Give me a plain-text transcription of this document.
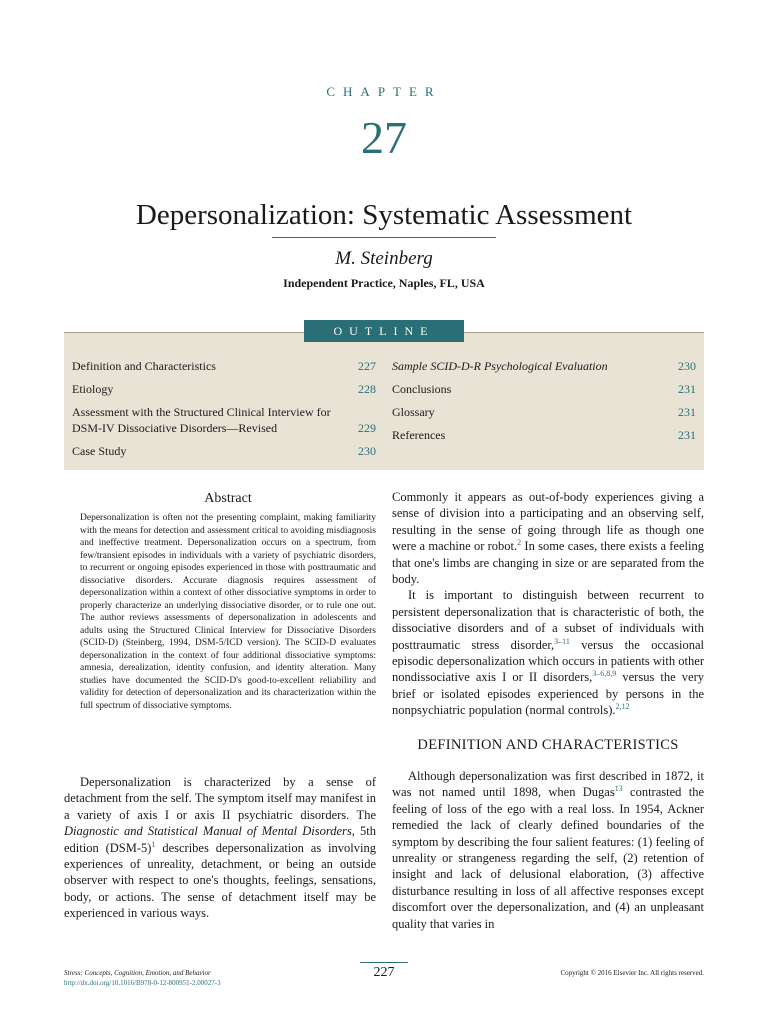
CHAPTER
27
Depersonalization: Systematic Assessment
M. Steinberg
Independent Practice, Naples, FL, USA
OUTLINE
Definition and Characteristics	227
Etiology	228
Assessment with the Structured Clinical Interview for DSM-IV Dissociative Disorders—Revised	229
Case Study	230
Sample SCID-D-R Psychological Evaluation	230
Conclusions	231
Glossary	231
References	231
Abstract
Depersonalization is often not the presenting complaint, making familiarity with the means for detection and assessment critical to avoiding misdiagnosis and ineffective treatment. Depersonalization occurs on a spectrum, from few/transient episodes in individuals with a variety of psychiatric disorders, to recurrent or ongoing episodes experienced in those with posttraumatic and dissociative disorders. Accurate diagnosis requires assessment of depersonalization within a context of other dissociative symptoms in order to properly characterize an underlying dissociative disorder, or to rule one out. The author reviews assessments of depersonalization in adolescents and adults using the Structured Clinical Interview for Dissociative Disorders (SCID-D) (Steinberg, 1994, DSM-5/ICD version). The SCID-D evaluates depersonalization in the context of four additional dissociative symptoms: amnesia, derealization, identity confusion, and identity alteration. Many studies have documented the SCID-D's good-to-excellent reliability and validity for detection of depersonalization and its characterization within the full spectrum of dissociative symptoms.

Depersonalization is characterized by a sense of detachment from the self. The symptom itself may manifest in a variety of axis I or axis II psychiatric disorders. The Diagnostic and Statistical Manual of Mental Disorders, 5th edition $(DSM-5)^1$ describes depersonalization as involving experiences of unreality, detachment, or being an outside observer with respect to one's thoughts, feelings, sensations, body, or actions. The sense of detachment itself may be experienced in various ways.

Commonly it appears as out-of-body experiences giving a sense of division into a participating and an observing self, resulting in the sense of going through life as though one were a machine or robot.$^2$ In some cases, there exists a feeling that one's limbs are changing in size or are separated from the body.

It is important to distinguish between recurrent to persistent depersonalization that is characteristic of both, the dissociative disorders and of a subset of individuals with posttraumatic stress disorder,$^{3-11}$ versus the occasional episodic depersonalization which occurs in patients with other nondissociative axis I or II disorders,$^{3-6,8,9}$ versus the very brief or isolated episodes experienced by persons in the nonpsychiatric population (normal controls).$^{2,12}$

DEFINITION AND CHARACTERISTICS

Although depersonalization was first described in 1872, it was not named until 1898, when Dugas$^{13}$ contrasted the feeling of loss of the ego with a real loss. In 1954, Ackner remedied the lack of clearly defined boundaries of the symptom by describing the four salient features: (1) feeling of unreality or strangeness regarding the self, (2) retention of insight and lack of delusional elaboration, (3) affective disturbance resulting in loss of all affective responses except discomfort over the depersonalization, and (4) an unpleasant quality that varies in

227
Stress: Concepts, Cognition, Emotion, and Behavior
http://dx.doi.org/10.1016/B978-0-12-800951-2.00027-3
Copyright © 2016 Elsevier Inc. All rights reserved.
